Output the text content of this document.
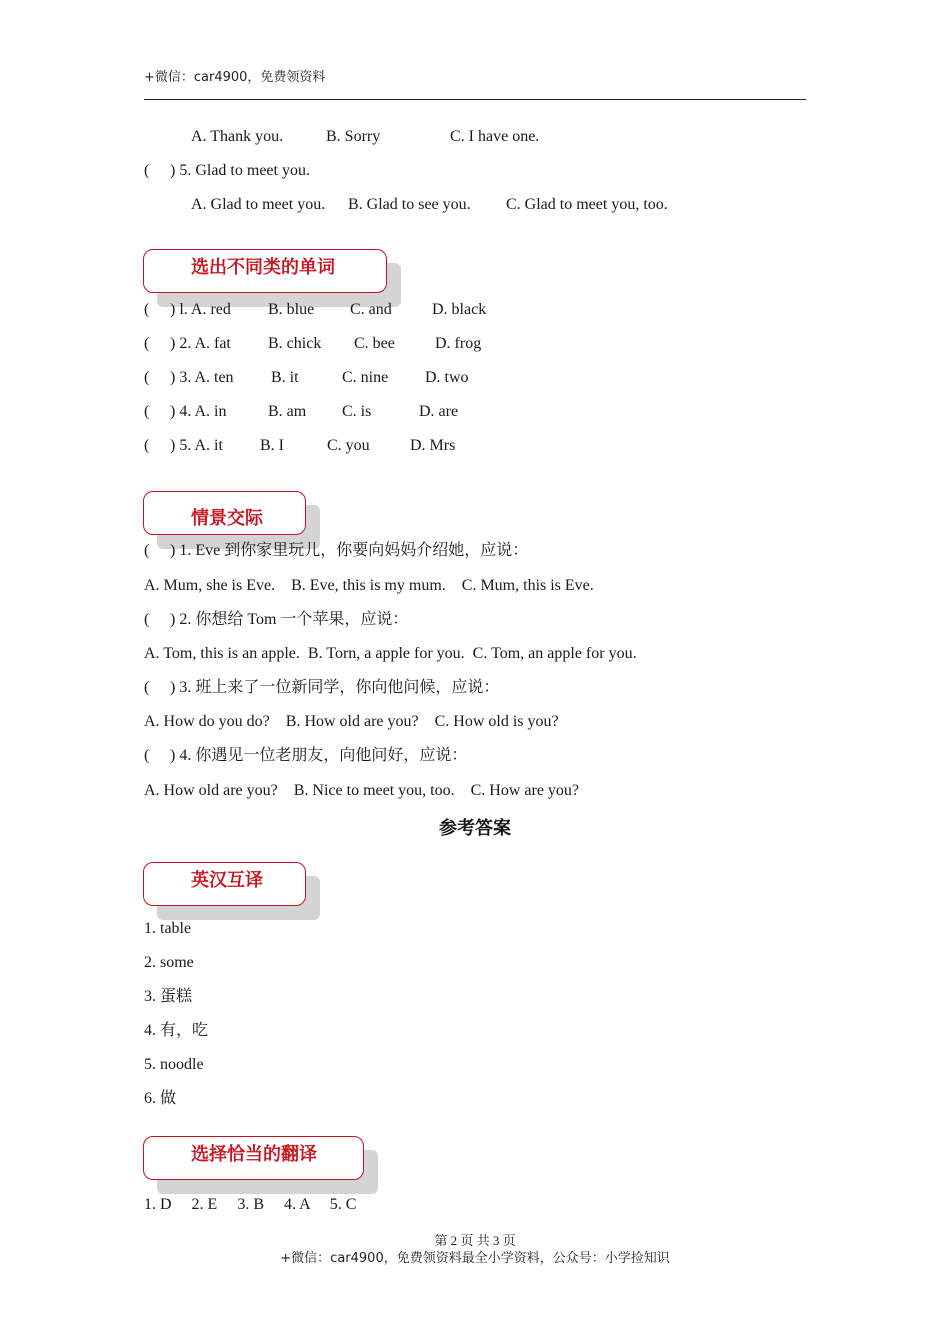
+微信：car4900，免费领资料
A. Thank you.	B. Sorry	C. I have one.
( ) 5. Glad to meet you.
A. Glad to meet you. B. Glad to see you. C. Glad to meet you, too.
选出不同类的单词
( ) l. A. red B. blue C. and	D. black
( ) 2. A. fat B. chick C. bee	D. frog
( ) 3. A. ten B. it	C. nine D. two
( ) 4. A. in	B. am C. is	D. are
( ) 5. A. it B. I	C. you	D. Mrs
情景交际
( ) 1. Eve 到你家里玩儿，你要向妈妈介绍她，应说：
A. Mum, she is Eve.    B. Eve, this is my mum.    C. Mum, this is Eve.
( ) 2. 你想给 Tom 一个苹果，应说：
A. Tom, this is an apple.  B. Torn, a apple for you.  C. Tom, an apple for you.
( ) 3. 班上来了一位新同学，你向他问候，应说：
A. How do you do?    B. How old are you?    C. How old is you?
( ) 4. 你遇见一位老朋友，向他问好，应说：
A. How old are you?    B. Nice to meet you, too.    C. How are you?
参考答案
英汉互译
1. table
2. some
3. 蛋糕
4. 有，吃
5. noodle
6. 做
选择恰当的翻译
1. D     2. E     3. B     4. A     5. C
第 2 页 共 3 页
+微信：car4900，免费领资料最全小学资料，公众号：小学捡知识
